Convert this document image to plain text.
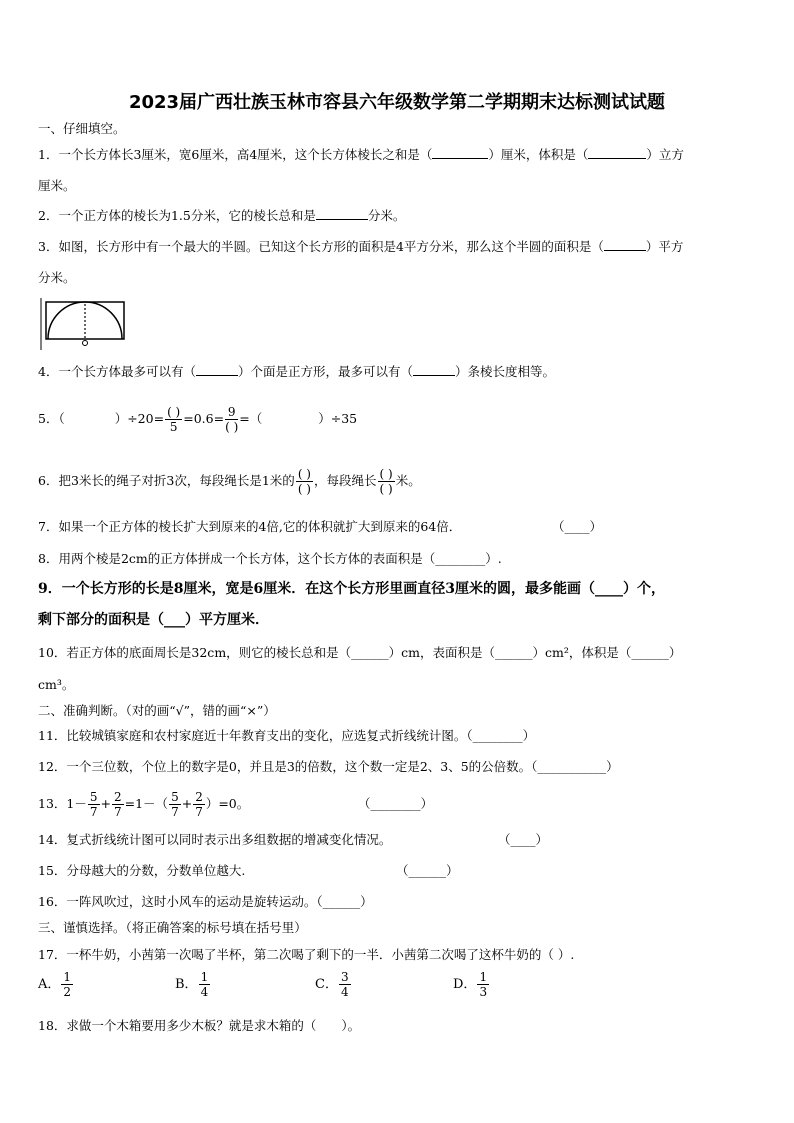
2023届广西壮族玉林市容县六年级数学第二学期期末达标测试试题
一、仔细填空。
1．一个长方体长3厘米，宽6厘米，高4厘米，这个长方体棱长之和是（	）厘米，体积是（	）立方
厘米。
2．一个正方体的棱长为1.5分米，它的棱长总和是	分米。
3．如图，长方形中有一个最大的半圆。已知这个长方形的面积是4平方分米，那么这个半圆的面积是（	）平方
分米。
4．一个长方体最多可以有（	）个面是正方形，最多可以有（	）条棱长度相等。
5．（	）$\div 20= \frac{( )}{5} =0.6= \frac{9}{( )}$ =（	）÷35
6．把3米长的绳子对折3次，每段绳长是1米的 $\frac{( )}{( )}$ ，每段绳长 $\frac{( )}{( )}$ 米。
7．如果一个正方体的棱长扩大到原来的4倍,它的体积就扩大到原来的64倍．	（____）
8．用两个棱是2cm的正方体拼成一个长方体，这个长方体的表面积是（________）.
9．一个长方形的长是8厘米，宽是6厘米．在这个长方形里画直径3厘米的圆，最多能画（____）个，
剩下部分的面积是（___）平方厘米．
10．若正方体的底面周长是32cm，则它的棱长总和是（______）cm，表面积是（______）cm²，体积是（______）
cm³。
二、准确判断。（对的画“√”，错的画“×”）
11．比较城镇家庭和农村家庭近十年教育支出的变化，应选复式折线统计图。（________）
12．一个三位数，个位上的数字是0，并且是3的倍数，这个数一定是2、3、5的公倍数。（___________）
13．$1- \frac{5}{7} + \frac{2}{7} =1-( \frac{5}{7} + \frac{2}{7} )=0$。	（________）
14．复式折线统计图可以同时表示出多组数据的增减变化情况。	（____）
15．分母越大的分数，分数单位越大.	（______）
16．一阵风吹过，这时小风车的运动是旋转运动。（______）
三、谨慎选择。（将正确答案的标号填在括号里）
17．一杯牛奶，小茜第一次喝了半杯，第二次喝了剩下的一半．小茜第二次喝了这杯牛奶的（ ）.
A． $\frac{1}{2}$	B． $\frac{1}{4}$	C． $\frac{3}{4}$	D． $\frac{1}{3}$
18．求做一个木箱要用多少木板？就是求木箱的（　　）。
